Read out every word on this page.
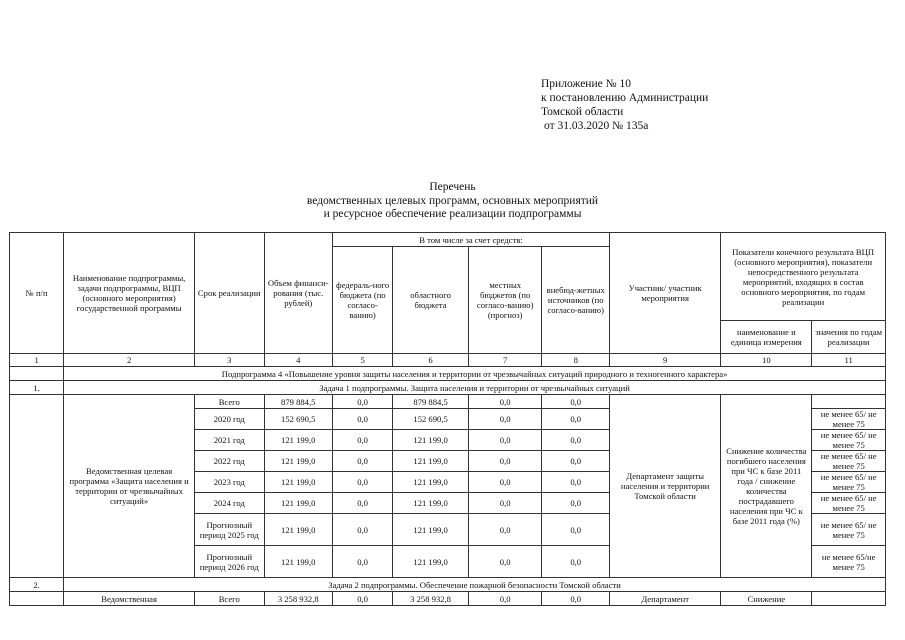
Приложение № 10
к постановлению Администрации
Томской области
от 31.03.2020 № 135а
Перечень
ведомственных целевых программ, основных мероприятий
и ресурсное обеспечение реализации подпрограммы
№ п/п	Наименование подпрограммы, задачи подпрограммы, ВЦП (основного мероприятия) государственной программы	Срок реализации	Объем финанси-рования (тыс. рублей)	В том числе за счет средств:				Участник/ участник мероприятия	Показатели конечного результата ВЦП (основного мероприятия), показатели непосредственного результата мероприятий, входящих в состав основного мероприятия, по годам реализации	
				федераль-ного бюджета (по согласо-ванию)	областного бюджета	местных бюджетов (по согласо-ванию) (прогноз)	внебюд-жетных источников (по согласо-ванию)			
									наименование и единица измерения	значения по годам реализации
1	2	3	4	5	6	7	8	9	10	11
	Подпрограмма 4 «Повышение уровня защиты населения и территории от чрезвычайных ситуаций природного и техногенного характера»									
1.	Задача 1 подпрограммы. Защита населения и территории от чрезвычайных ситуаций									
	Ведомственная целевая программа «Защита населения и территории от чрезвычайных ситуаций»	Всего	879 884,5	0,0	879 884,5	0,0	0,0	Департамент защиты населения и территории Томской области	Снижение количества погибшего населения при ЧС к базе 2011 года / снижение количества пострадавшего населения при ЧС к базе 2011 года (%)	
		2020 год	152 690,5	0,0	152 690,5	0,0	0,0			не менее 65/ не менее 75
		2021 год	121 199,0	0,0	121 199,0	0,0	0,0			не менее 65/ не менее 75
		2022 год	121 199,0	0,0	121 199,0	0,0	0,0			не менее 65/ не менее 75
		2023 год	121 199,0	0,0	121 199,0	0,0	0,0			не менее 65/ не менее 75
		2024 год	121 199,0	0,0	121 199,0	0,0	0,0			не менее 65/ не менее 75
		Прогнозный период 2025 год	121 199,0	0,0	121 199,0	0,0	0,0			не менее 65/ не менее 75
		Прогнозный период 2026 год	121 199,0	0,0	121 199,0	0,0	0,0			не менее 65/не менее 75
2.	Задача 2 подпрограммы. Обеспечение пожарной безопасности Томской области									
	Ведомственная	Всего	3 258 932,8	0,0	3 258 932,8	0,0	0,0	Департамент	Снижение	
